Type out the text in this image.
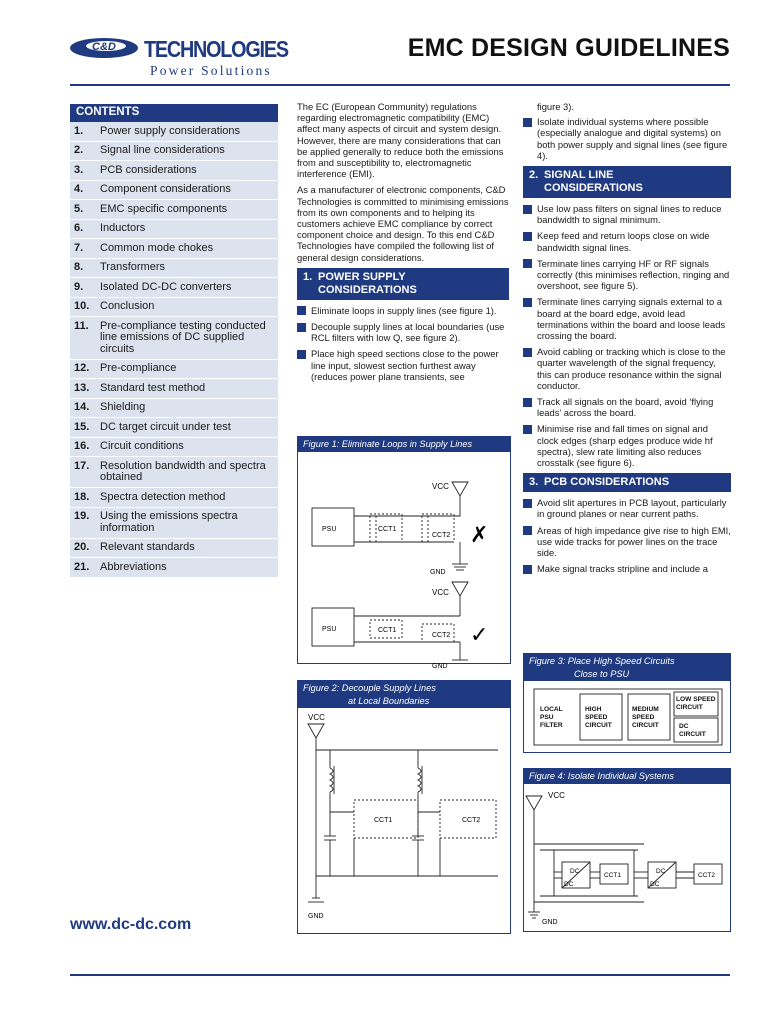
C&D TECHNOLOGIES
Power Solutions
EMC DESIGN GUIDELINES
CONTENTS
1. Power supply considerations
2. Signal line considerations
3. PCB considerations
4. Component considerations
5. EMC specific components
6. Inductors
7. Common mode chokes
8. Transformers
9. Isolated DC-DC converters
10. Conclusion
11. Pre-compliance testing conducted line emissions of DC supplied circuits
12. Pre-compliance
13. Standard test method
14. Shielding
15. DC target circuit under test
16. Circuit conditions
17. Resolution bandwidth and spectra obtained
18. Spectra detection method
19. Using the emissions spectra information
20. Relevant standards
21. Abbreviations
www.dc-dc.com

The EC (European Community) regulations regarding electromagnetic compatibility (EMC) affect many aspects of circuit and system design. However, there are many considerations that can be applied generally to reduce both the emissions from and susceptibility to, electromagnetic interference (EMI).

As a manufacturer of electronic components, C&D Technologies is committed to minimising emissions from its own components and to helping its customers achieve EMC compliance by correct component choice and design. To this end C&D Technologies have compiled the following list of general design considerations.

1. POWER SUPPLY
CONSIDERATIONS
Eliminate loops in supply lines (see figure 1).
Decouple supply lines at local boundaries (use RCL filters with low Q, see figure 2).
Place high speed sections close to the power line input, slowest section furthest away (reduces power plane transients, see
Figure 1: Eliminate Loops in Supply Lines
VCC
PSU	CCT1
CCT2
GND
✗
VCC
PSU	CCT1
CCT2
GND
✓
Figure 2: Decouple Supply Lines
at Local Boundaries
VCC
CCT1	CCT2
GND

figure 3).

Isolate individual systems where possible (especially analogue and digital systems) on both power supply and signal lines (see figure 4).
2. SIGNAL LINE
CONSIDERATIONS
Use low pass filters on signal lines to reduce bandwidth to signal minimum.
Keep feed and return loops close on wide bandwidth signal lines.
Terminate lines carrying HF or RF signals correctly (this minimises reflection, ringing and overshoot, see figure 5).
Terminate lines carrying signals external to a board at the board edge, avoid lead terminations within the board and loose leads crossing the board.
Avoid cabling or tracking which is close to the quarter wavelength of the signal frequency, this can produce resonance within the signal conductor.
Track all signals on the board, avoid ‘flying leads’ across the board.
Minimise rise and fall times on signal and clock edges (sharp edges produce wide hf spectra), slew rate limiting also reduces crosstalk (see figure 6).
3. PCB CONSIDERATIONS
Avoid slit apertures in PCB layout, particularly in ground planes or near current paths.
Areas of high impedance give rise to high EMI, use wide tracks for power lines on the trace side.
Make signal tracks stripline and include a
Figure 3: Place High Speed Circuits
Close to PSU
LOCAL
PSU
FILTER
HIGH
SPEED
CIRCUIT
MEDIUM
SPEED
CIRCUIT
LOW SPEED
CIRCUIT
DC
CIRCUIT
Figure 4: Isolate Individual Systems
VCC
DC
DC
CCT1
DC
DC
CCT2
GND
